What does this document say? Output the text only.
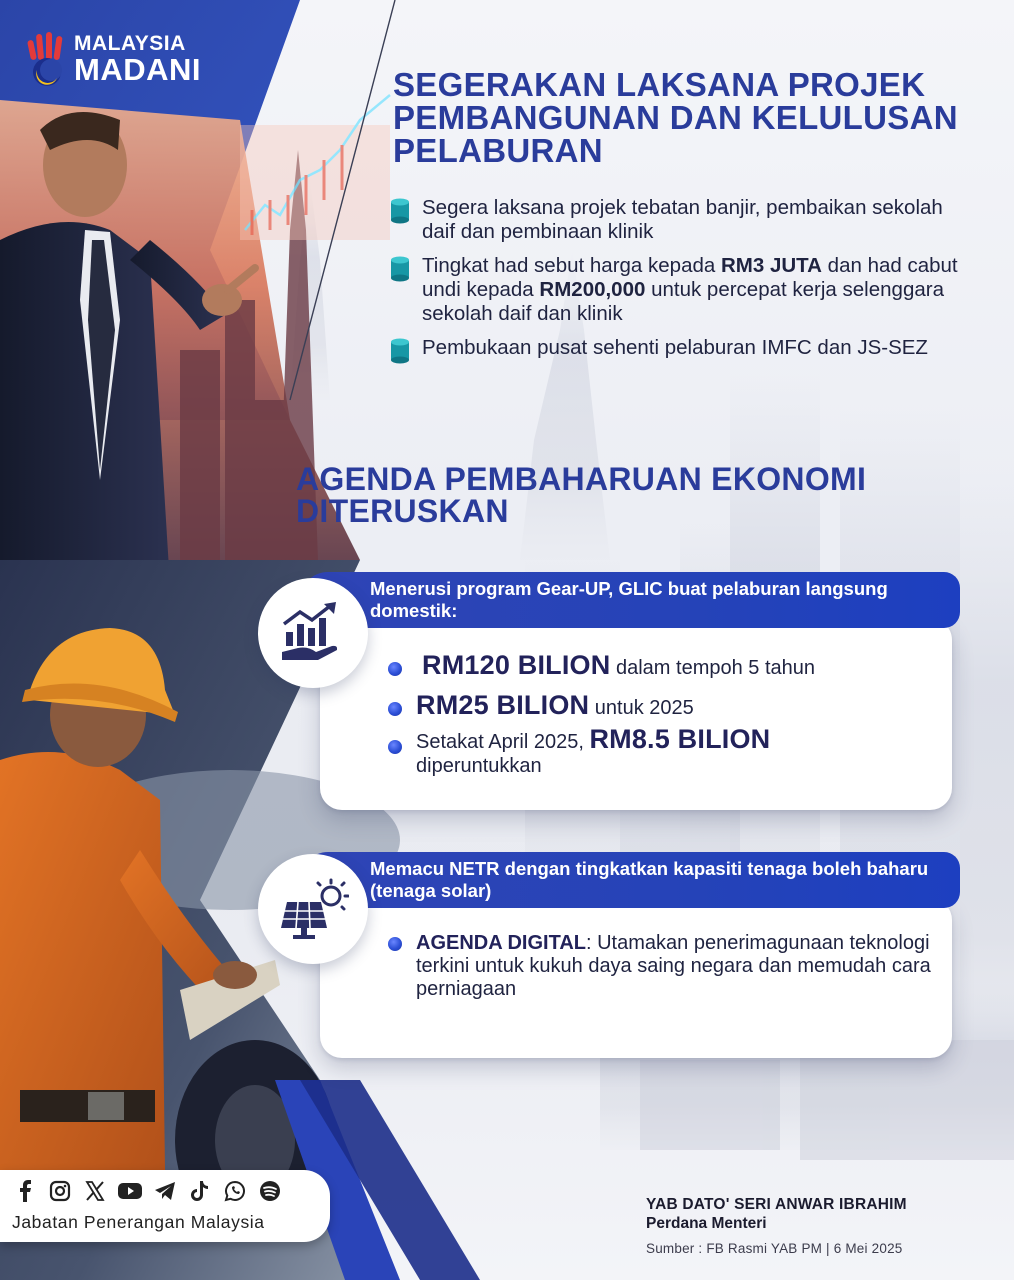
MALAYSIA
MADANI	SEGERAKAN LAKSANA PROJEK PEMBANGUNAN DAN KELULUSAN PELABURAN
Segera laksana projek tebatan banjir, pembaikan sekolah daif dan pembinaan klinik
Tingkat had sebut harga kepada RM3 JUTA dan had cabut undi kepada RM200,000 untuk percepat kerja selenggara sekolah daif dan klinik
Pembukaan pusat sehenti pelaburan IMFC dan JS-SEZ
AGENDA PEMBAHARUAN EKONOMI DITERUSKAN
Menerusi program Gear-UP, GLIC buat pelaburan langsung domestik:
RM120 BILION dalam tempoh 5 tahun
RM25 BILION untuk 2025
Setakat April 2025, RM8.5 BILION
diperuntukkan
Memacu NETR dengan tingkatkan kapasiti tenaga boleh baharu (tenaga solar)
AGENDA DIGITAL: Utamakan penerimagunaan teknologi terkini untuk kukuh daya saing negara dan memudah cara perniagaan
Jabatan Penerangan Malaysia
YAB DATO' SERI ANWAR IBRAHIM
Perdana Menteri
Sumber : FB Rasmi YAB PM | 6 Mei 2025
